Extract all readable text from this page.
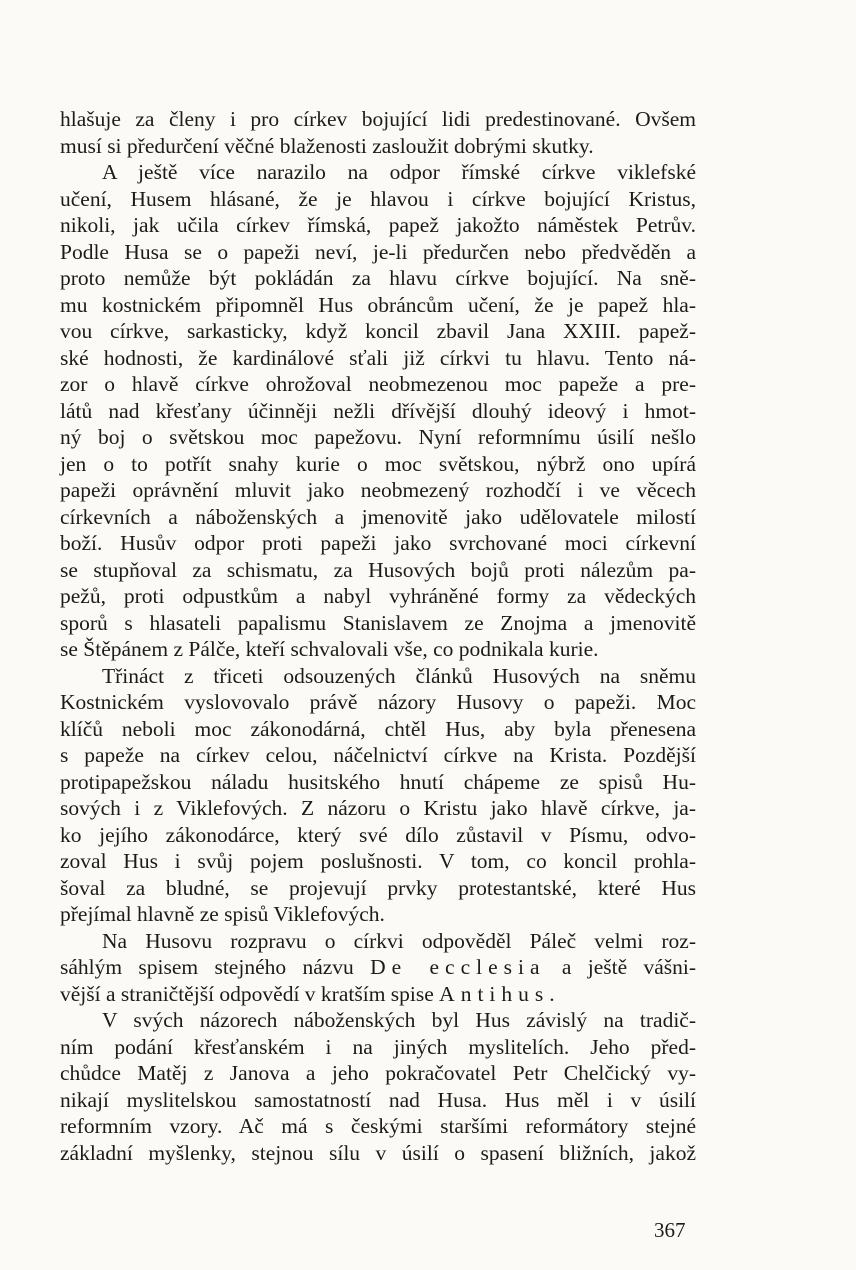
hlašuje za členy i pro církev bojující lidi predestinované. Ovšem
musí si předurčení věčné blaženosti zasloužit dobrými skutky.
A ještě více narazilo na odpor římské církve viklefské
učení, Husem hlásané, že je hlavou i církve bojující Kristus,
nikoli, jak učila církev římská, papež jakožto náměstek Petrův.
Podle Husa se o papeži neví, je-li předurčen nebo předvěděn a
proto nemůže být pokládán za hlavu církve bojující. Na sně-
mu kostnickém připomněl Hus obráncům učení, že je papež hla-
vou církve, sarkasticky, když koncil zbavil Jana XXIII. papež-
ské hodnosti, že kardinálové sťali již církvi tu hlavu. Tento ná-
zor o hlavě církve ohrožoval neobmezenou moc papeže a pre-
látů nad křesťany účinněji nežli dřívější dlouhý ideový i hmot-
ný boj o světskou moc papežovu. Nyní reformnímu úsilí nešlo
jen o to potřít snahy kurie o moc světskou, nýbrž ono upírá
papeži oprávnění mluvit jako neobmezený rozhodčí i ve věcech
církevních a náboženských a jmenovitě jako udělovatele milostí
boží. Husův odpor proti papeži jako svrchované moci církevní
se stupňoval za schismatu, za Husových bojů proti nálezům pa-
pežů, proti odpustkům a nabyl vyhráněné formy za vědeckých
sporů s hlasateli papalismu Stanislavem ze Znojma a jmenovitě
se Štěpánem z Pálče, kteří schvalovali vše, co podnikala kurie.
Třináct z třiceti odsouzených článků Husových na sněmu
Kostnickém vyslovovalo právě názory Husovy o papeži. Moc
klíčů neboli moc zákonodárná, chtěl Hus, aby byla přenesena
s papeže na církev celou, náčelnictví církve na Krista. Pozdější
protipapežskou náladu husitského hnutí chápeme ze spisů Hu-
sových i z Viklefových. Z názoru o Kristu jako hlavě církve, ja-
ko jejího zákonodárce, který své dílo zůstavil v Písmu, odvo-
zoval Hus i svůj pojem poslušnosti. V tom, co koncil prohla-
šoval za bludné, se projevují prvky protestantské, které Hus
přejímal hlavně ze spisů Viklefových.
Na Husovu rozpravu o církvi odpověděl Páleč velmi roz-
sáhlým spisem stejného názvu De ecclesia a ještě vášni-
vější a straničtější odpovědí v kratším spise Antihus.
V svých názorech náboženských byl Hus závislý na tradič-
ním podání křesťanském i na jiných myslitelích. Jeho před-
chůdce Matěj z Janova a jeho pokračovatel Petr Chelčický vy-
nikají myslitelskou samostatností nad Husa. Hus měl i v úsilí
reformním vzory. Ač má s českými staršími reformátory stejné
základní myšlenky, stejnou sílu v úsilí o spasení bližních, jakož
367
